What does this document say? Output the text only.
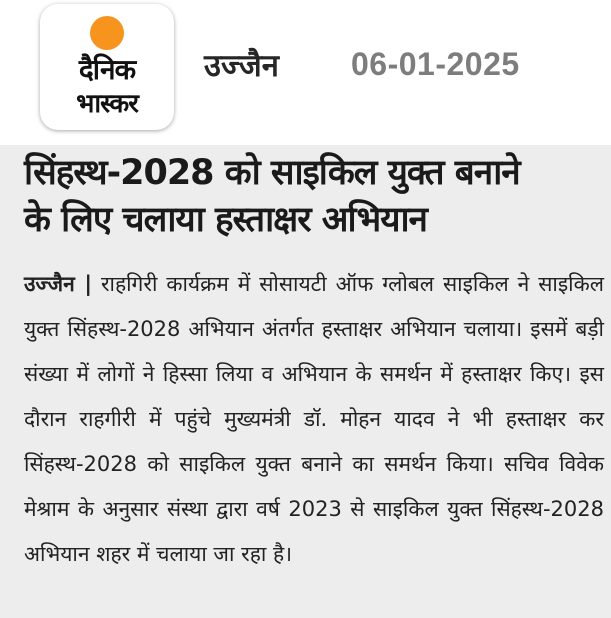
दैनिक
भास्कर
उज्जैन 06-01-2025
सिंहस्थ-2028 को साइकिल युक्त बनाने
के लिए चलाया हस्ताक्षर अभियान

उज्जैन | राहगिरी कार्यक्रम में सोसायटी ऑफ ग्लोबल साइकिल ने साइकिल युक्त सिंहस्थ-2028 अभियान अंतर्गत हस्ताक्षर अभियान चलाया। इसमें बड़ी संख्या में लोगों ने हिस्सा लिया व अभियान के समर्थन में हस्ताक्षर किए। इस दौरान राहगीरी में पहुंचे मुख्यमंत्री डॉ. मोहन यादव ने भी हस्ताक्षर कर सिंहस्थ-2028 को साइकिल युक्त बनाने का समर्थन किया। सचिव विवेक मेश्राम के अनुसार संस्था द्वारा वर्ष 2023 से साइकिल युक्त सिंहस्थ-2028 अभियान शहर में चलाया जा रहा है।
